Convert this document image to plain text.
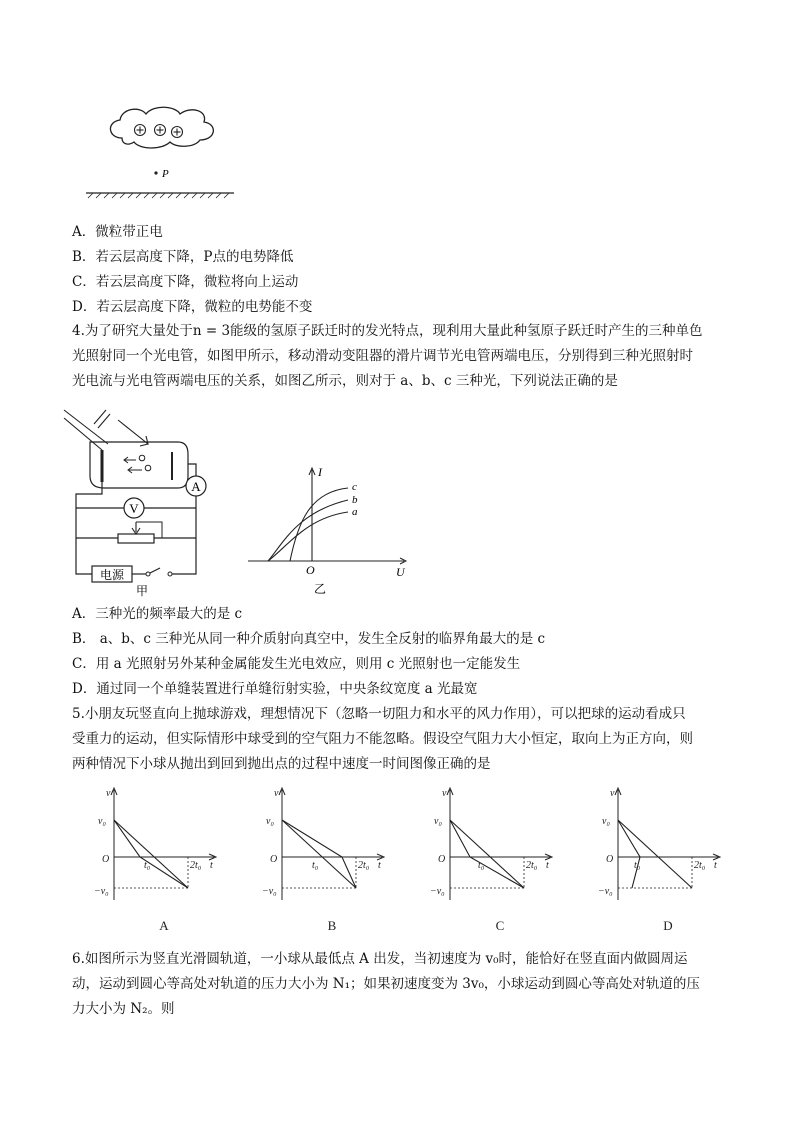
P
A．微粒带正电
B．若云层高度下降，P点的电势降低
C．若云层高度下降，微粒将向上运动
D．若云层高度下降，微粒的电势能不变
4.为了研究大量处于n = 3能级的氢原子跃迁时的发光特点，现利用大量此种氢原子跃迁时产生的三种单色
光照射同一个光电管，如图甲所示，移动滑动变阻器的滑片调节光电管两端电压，分别得到三种光照射时
光电流与光电管两端电压的关系，如图乙所示，则对于 a、b、c 三种光，下列说法正确的是
A
V
电源
甲
I
U
O
c
b
a
乙
A．三种光的频率最大的是 c
B． a、b、c 三种光从同一种介质射向真空中，发生全反射的临界角最大的是 c
C．用 a 光照射另外某种金属能发生光电效应，则用 c 光照射也一定能发生
D．通过同一个单缝装置进行单缝衍射实验，中央条纹宽度 a 光最宽
5.小朋友玩竖直向上抛球游戏，理想情况下（忽略一切阻力和水平的风力作用），可以把球的运动看成只
受重力的运动，但实际情形中球受到的空气阻力不能忽略。假设空气阻力大小恒定，取向上为正方向，则
两种情况下小球从抛出到回到抛出点的过程中速度一时间图像正确的是
v
v₀
O
−v₀
t₀	2t₀ t
A
v
v₀
O
−v₀
t₀	2t₀ t
B
v
v₀
O
−v₀
t₀	2t₀ t
C
v
v₀
O
−v₀
t₀	2t₀ t
D
6.如图所示为竖直光滑圆轨道，一小球从最低点 A 出发，当初速度为 v₀时，能恰好在竖直面内做圆周运
动，运动到圆心等高处对轨道的压力大小为 N₁；如果初速度变为 3v₀，小球运动到圆心等高处对轨道的压
力大小为 N₂。则
